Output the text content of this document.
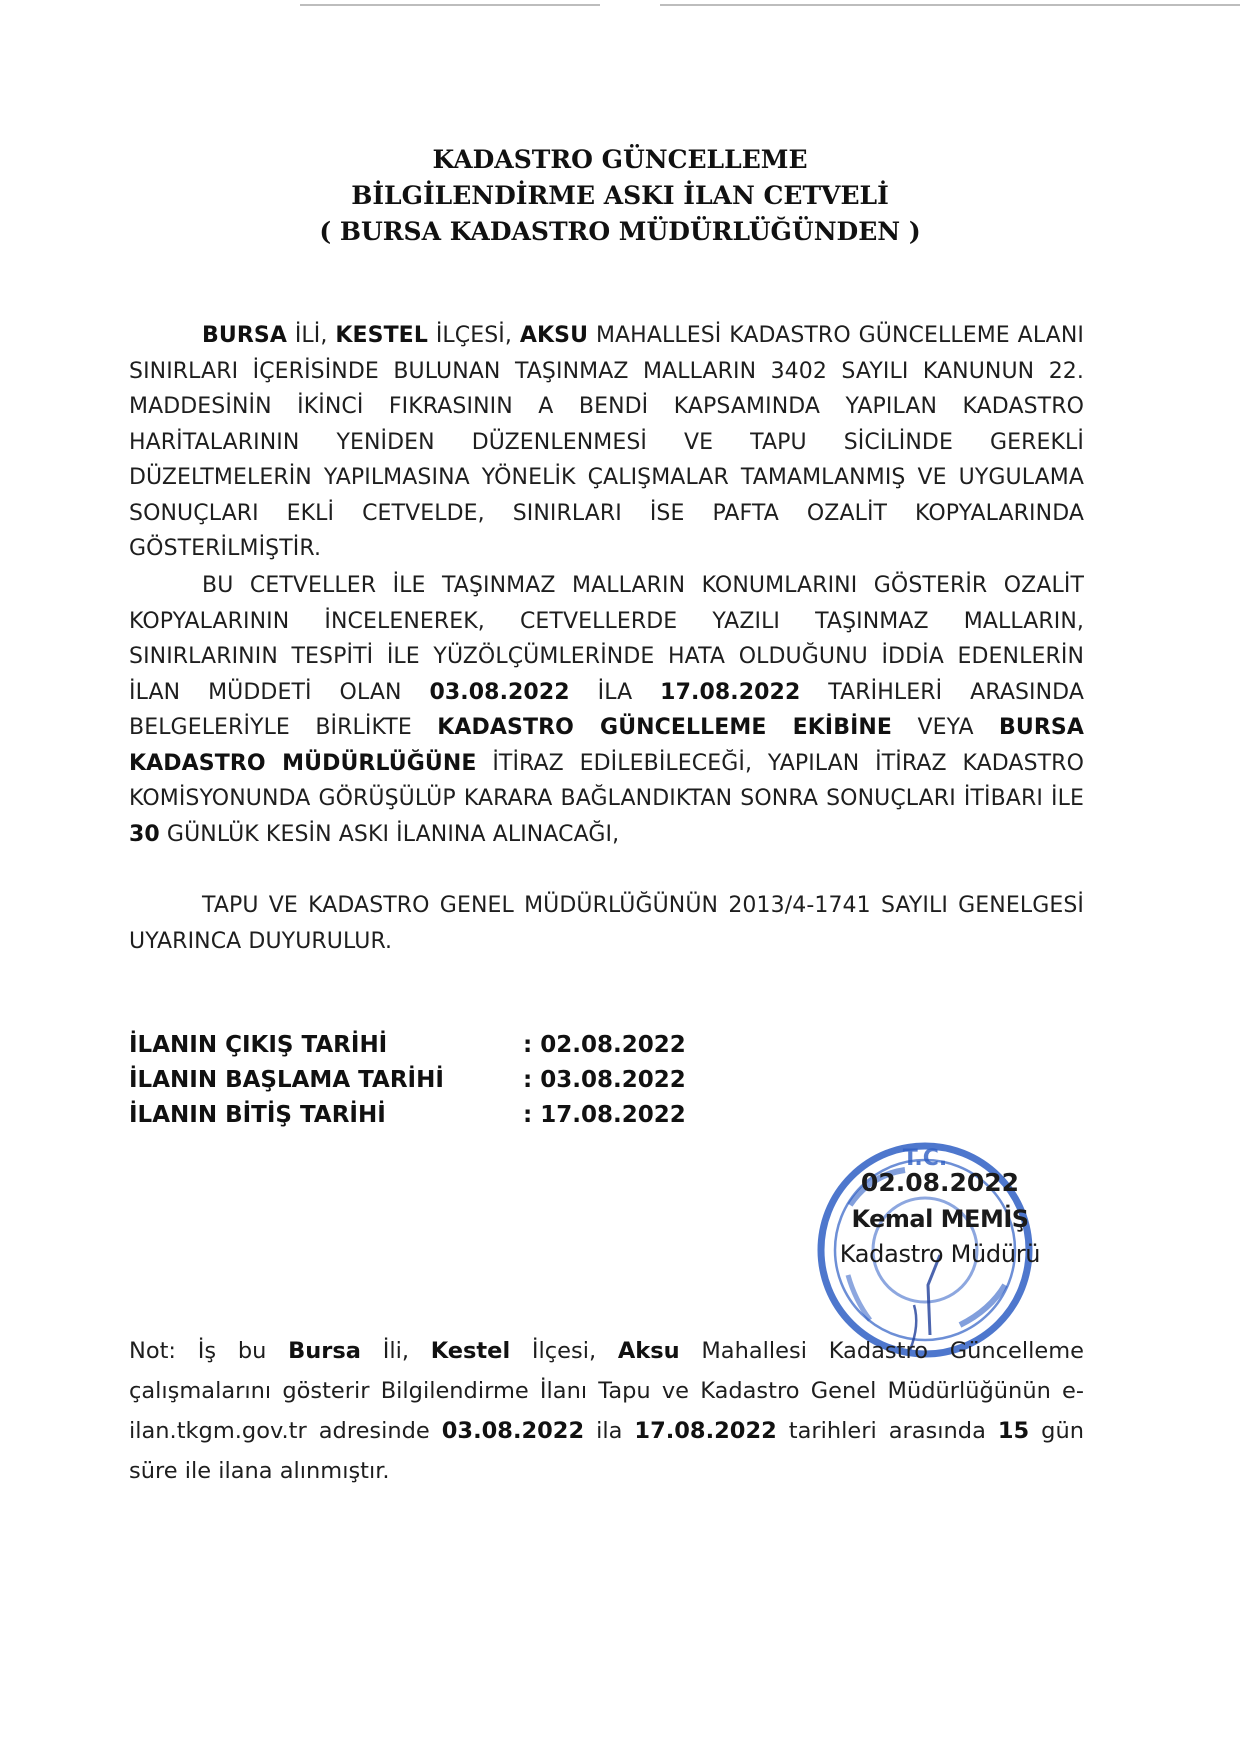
KADASTRO GÜNCELLEME
BİLGİLENDİRME ASKI İLAN CETVELİ
( BURSA KADASTRO MÜDÜRLÜĞÜNDEN )
BURSA İLİ, KESTEL İLÇESİ, AKSU MAHALLESİ KADASTRO GÜNCELLEME ALANI SINIRLARI İÇERİSİNDE BULUNAN TAŞINMAZ MALLARIN 3402 SAYILI KANUNUN 22. MADDESİNİN İKİNCİ FIKRASININ A BENDİ KAPSAMINDA YAPILAN KADASTRO HARİTALARININ YENİDEN DÜZENLENMESİ VE TAPU SİCİLİNDE GEREKLİ DÜZELTMELERİN YAPILMASINA YÖNELİK ÇALIŞMALAR TAMAMLANMIŞ VE UYGULAMA SONUÇLARI EKLİ CETVELDE, SINIRLARI İSE PAFTA OZALİT KOPYALARINDA GÖSTERİLMİŞTİR.
BU CETVELLER İLE TAŞINMAZ MALLARIN KONUMLARINI GÖSTERİR OZALİT KOPYALARININ İNCELENEREK, CETVELLERDE YAZILI TAŞINMAZ MALLARIN, SINIRLARININ TESPİTİ İLE YÜZÖLÇÜMLERİNDE HATA OLDUĞUNU İDDİA EDENLERİN İLAN MÜDDETİ OLAN 03.08.2022 İLA 17.08.2022 TARİHLERİ ARASINDA BELGELERİYLE BİRLİKTE KADASTRO GÜNCELLEME EKİBİNE VEYA BURSA KADASTRO MÜDÜRLÜĞÜNE İTİRAZ EDİLEBİLECEĞİ, YAPILAN İTİRAZ KADASTRO KOMİSYONUNDA GÖRÜŞÜLÜP KARARA BAĞLANDIKTAN SONRA SONUÇLARI İTİBARI İLE 30 GÜNLÜK KESİN ASKI İLANINA ALINACAĞI,
TAPU VE KADASTRO GENEL MÜDÜRLÜĞÜNÜN 2013/4-1741 SAYILI GENELGESİ UYARINCA DUYURULUR.
İLANIN ÇIKIŞ TARİHİ	: 02.08.2022
İLANIN BAŞLAMA TARİHİ	: 03.08.2022
İLANIN BİTİŞ TARİHİ	: 17.08.2022
T.C.
02.08.2022
Kemal MEMİŞ
Kadastro Müdürü
Not: İş bu Bursa İli, Kestel İlçesi, Aksu Mahallesi Kadastro Güncelleme çalışmalarını gösterir Bilgilendirme İlanı Tapu ve Kadastro Genel Müdürlüğünün e-ilan.tkgm.gov.tr adresinde 03.08.2022 ila 17.08.2022 tarihleri arasında 15 gün süre ile ilana alınmıştır.
